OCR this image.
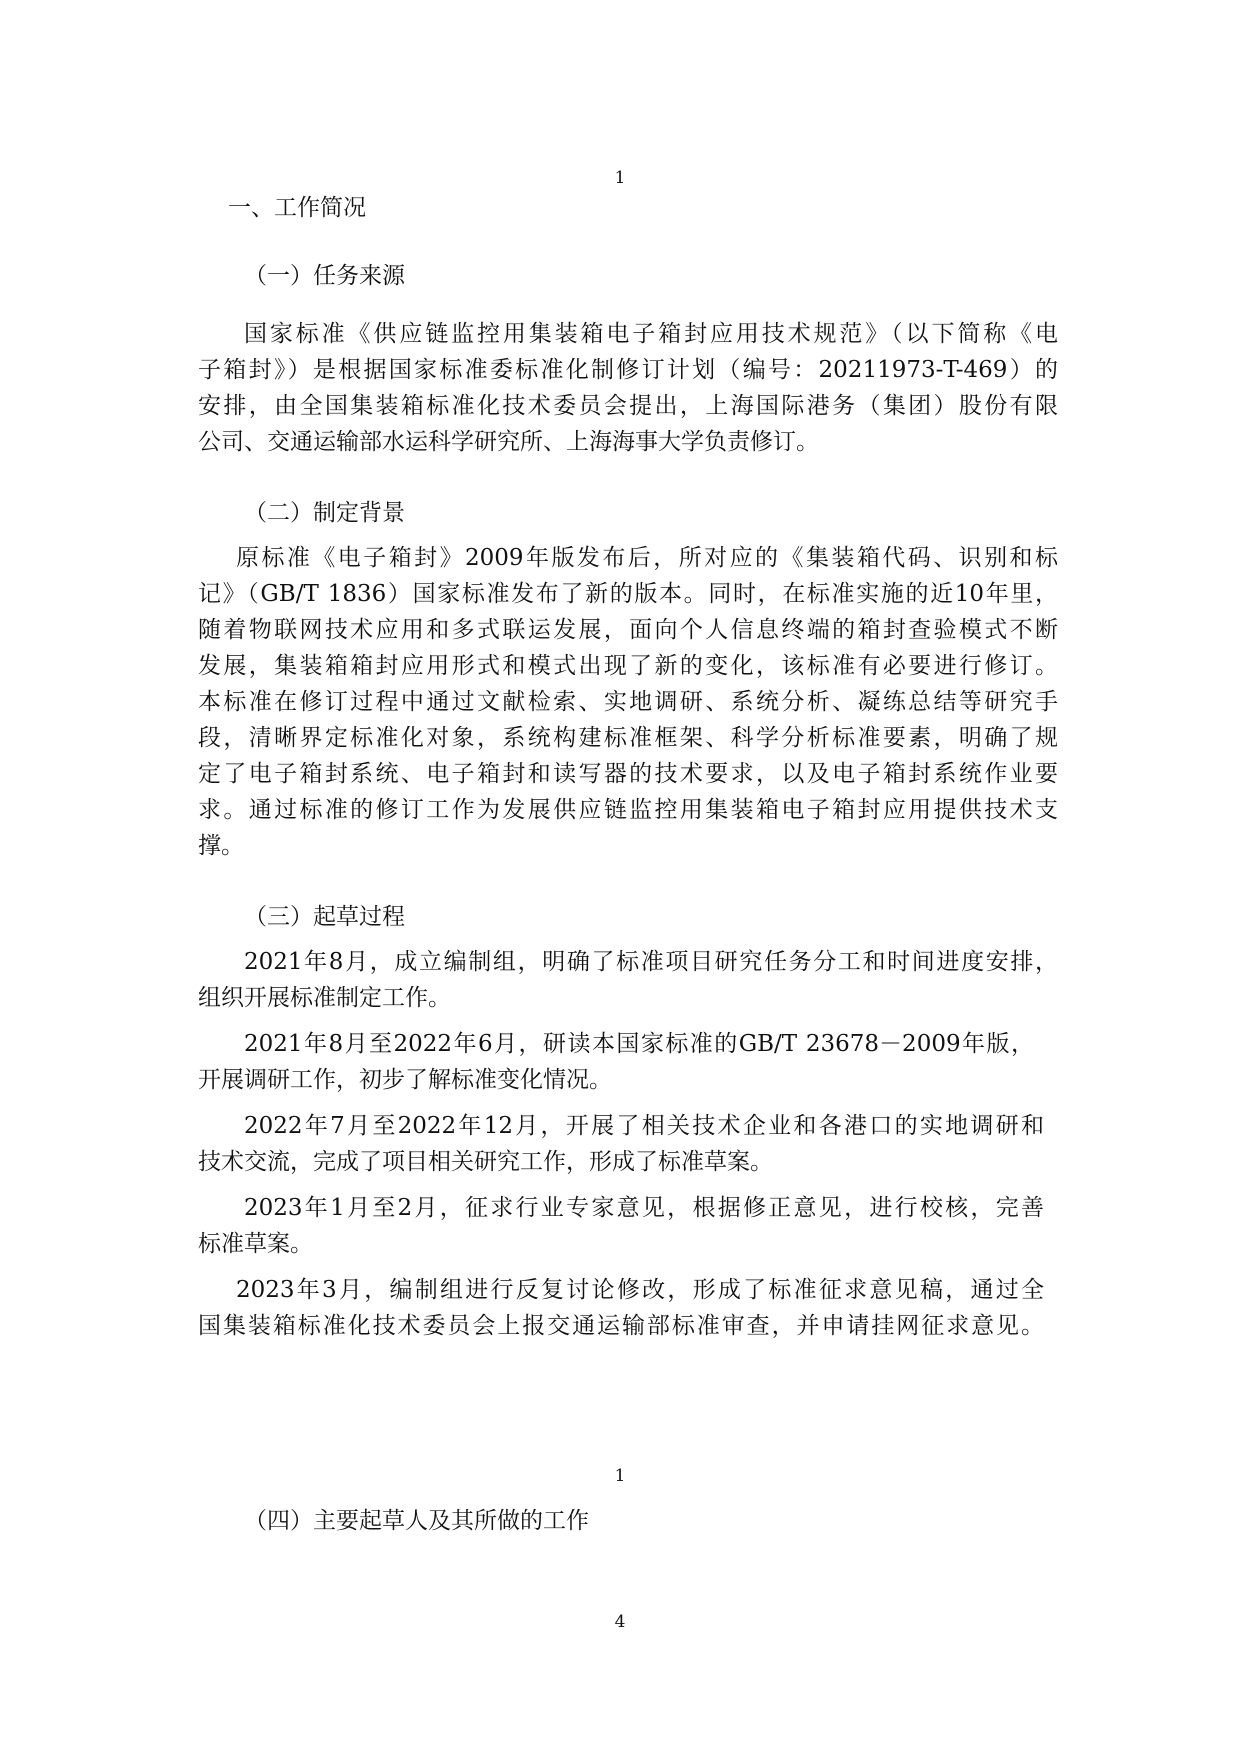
1
一、工作简况
（一）任务来源
国家标准《供应链监控用集装箱电子箱封应用技术规范》（以下简称《电
子箱封》）是根据国家标准委标准化制修订计划（编号：20211973-T-469）的
安排，由全国集装箱标准化技术委员会提出，上海国际港务（集团）股份有限
公司、交通运输部水运科学研究所、上海海事大学负责修订。
（二）制定背景
原标准《电子箱封》2009年版发布后，所对应的《集装箱代码、识别和标
记》（GB/T 1836）国家标准发布了新的版本。同时，在标准实施的近10年里，
随着物联网技术应用和多式联运发展，面向个人信息终端的箱封查验模式不断
发展，集装箱箱封应用形式和模式出现了新的变化，该标准有必要进行修订。
本标准在修订过程中通过文献检索、实地调研、系统分析、凝练总结等研究手
段，清晰界定标准化对象，系统构建标准框架、科学分析标准要素，明确了规
定了电子箱封系统、电子箱封和读写器的技术要求，以及电子箱封系统作业要
求。通过标准的修订工作为发展供应链监控用集装箱电子箱封应用提供技术支
撑。
（三）起草过程
2021年8月，成立编制组，明确了标准项目研究任务分工和时间进度安排，
组织开展标准制定工作。
2021年8月至2022年6月，研读本国家标准的GB/T 23678－2009年版，
开展调研工作，初步了解标准变化情况。
2022年7月至2022年12月，开展了相关技术企业和各港口的实地调研和
技术交流，完成了项目相关研究工作，形成了标准草案。
2023年1月至2月，征求行业专家意见，根据修正意见，进行校核，完善
标准草案。
2023年3月，编制组进行反复讨论修改，形成了标准征求意见稿，通过全
国集装箱标准化技术委员会上报交通运输部标准审查，并申请挂网征求意见。
1
（四）主要起草人及其所做的工作
4
